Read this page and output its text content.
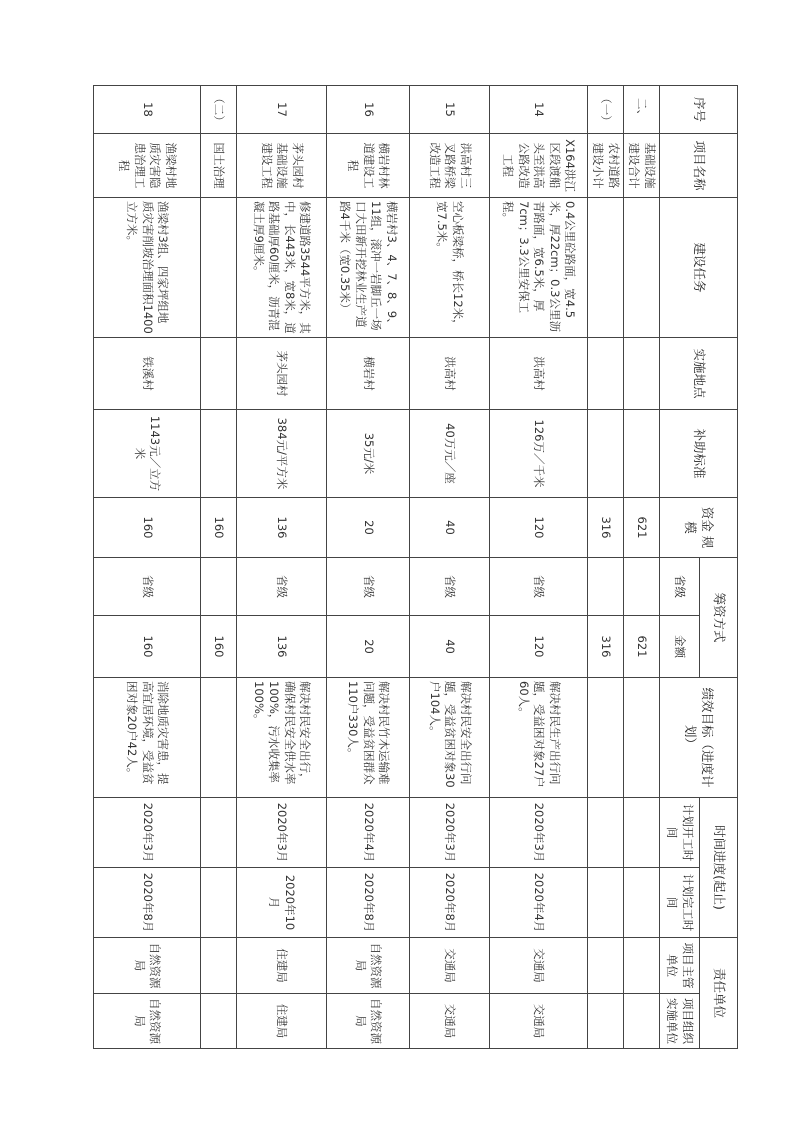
序号	项目名称	建设任务	实施地点	补助标准	资金 规模	筹资方式		绩效目标（进度计划）	时间进度(起止)		责任单位	
						省级	金额		计划开工时间	计划完工时间	项目主管单位	项目组织实施单位
二、	基础设施建设合计				621		621					
（一）	农村道路建设小计				316		316					
14	X164洪江区段渡船头至洪高公路改造工程	0.4公里砼路面，宽4.5米，厚22cm；0.3公里沥青路面，宽6.5米，厚7cm；3.3公里安保工程。	洪高村	126万／千米	120	省级	120	解决村民生产出行问题，受益困对象27户60人。	2020年3月	2020年4月	交通局	交通局
15	洪高村三叉路桥梁改造工程	空心板梁桥，桥长12米，宽7.5米。	洪高村	40万元／座	40	省级	40	解决村民安全出行问题，受益贫困对象30户104人。	2020年3月	2020年8月	交通局	交通局
16	横岩村林道建设工程	横岩村3、4、7、8、9、11组，滚冲一岩脚丘一场口大田新开挖林业生产道路4千米（宽0.35米）	横岩村	35元/米	20	省级	20	解决村民竹木运输难问题，受益贫困群众110户330人。	2020年4月	2020年8月	自然资源局	自然资源局
17	茅头园村基础设施建设工程	修建道路3544平方米，其中，长443米，宽8米，道路基础厚60厘米，沥青混凝土厚9厘米。	茅头园村	384元/平方米	136	省级	136	解决村民安全出行，确保村民安全供水率100%，污水收集率100%。	2020年3月	2020年10月	住建局	住建局
（二）	国土治理				160		160					
18	渔梁村地质灾害隐患治理工程	渔梁村3组、四家坪组地质灾害削坡治理面积1400立方米。	铁溪村	1143元／立方米	160	省级	160	消除地质灾害患，提高宜居环境，受益贫困对象20户42人。	2020年3月	2020年8月	自然资源局	自然资源局
